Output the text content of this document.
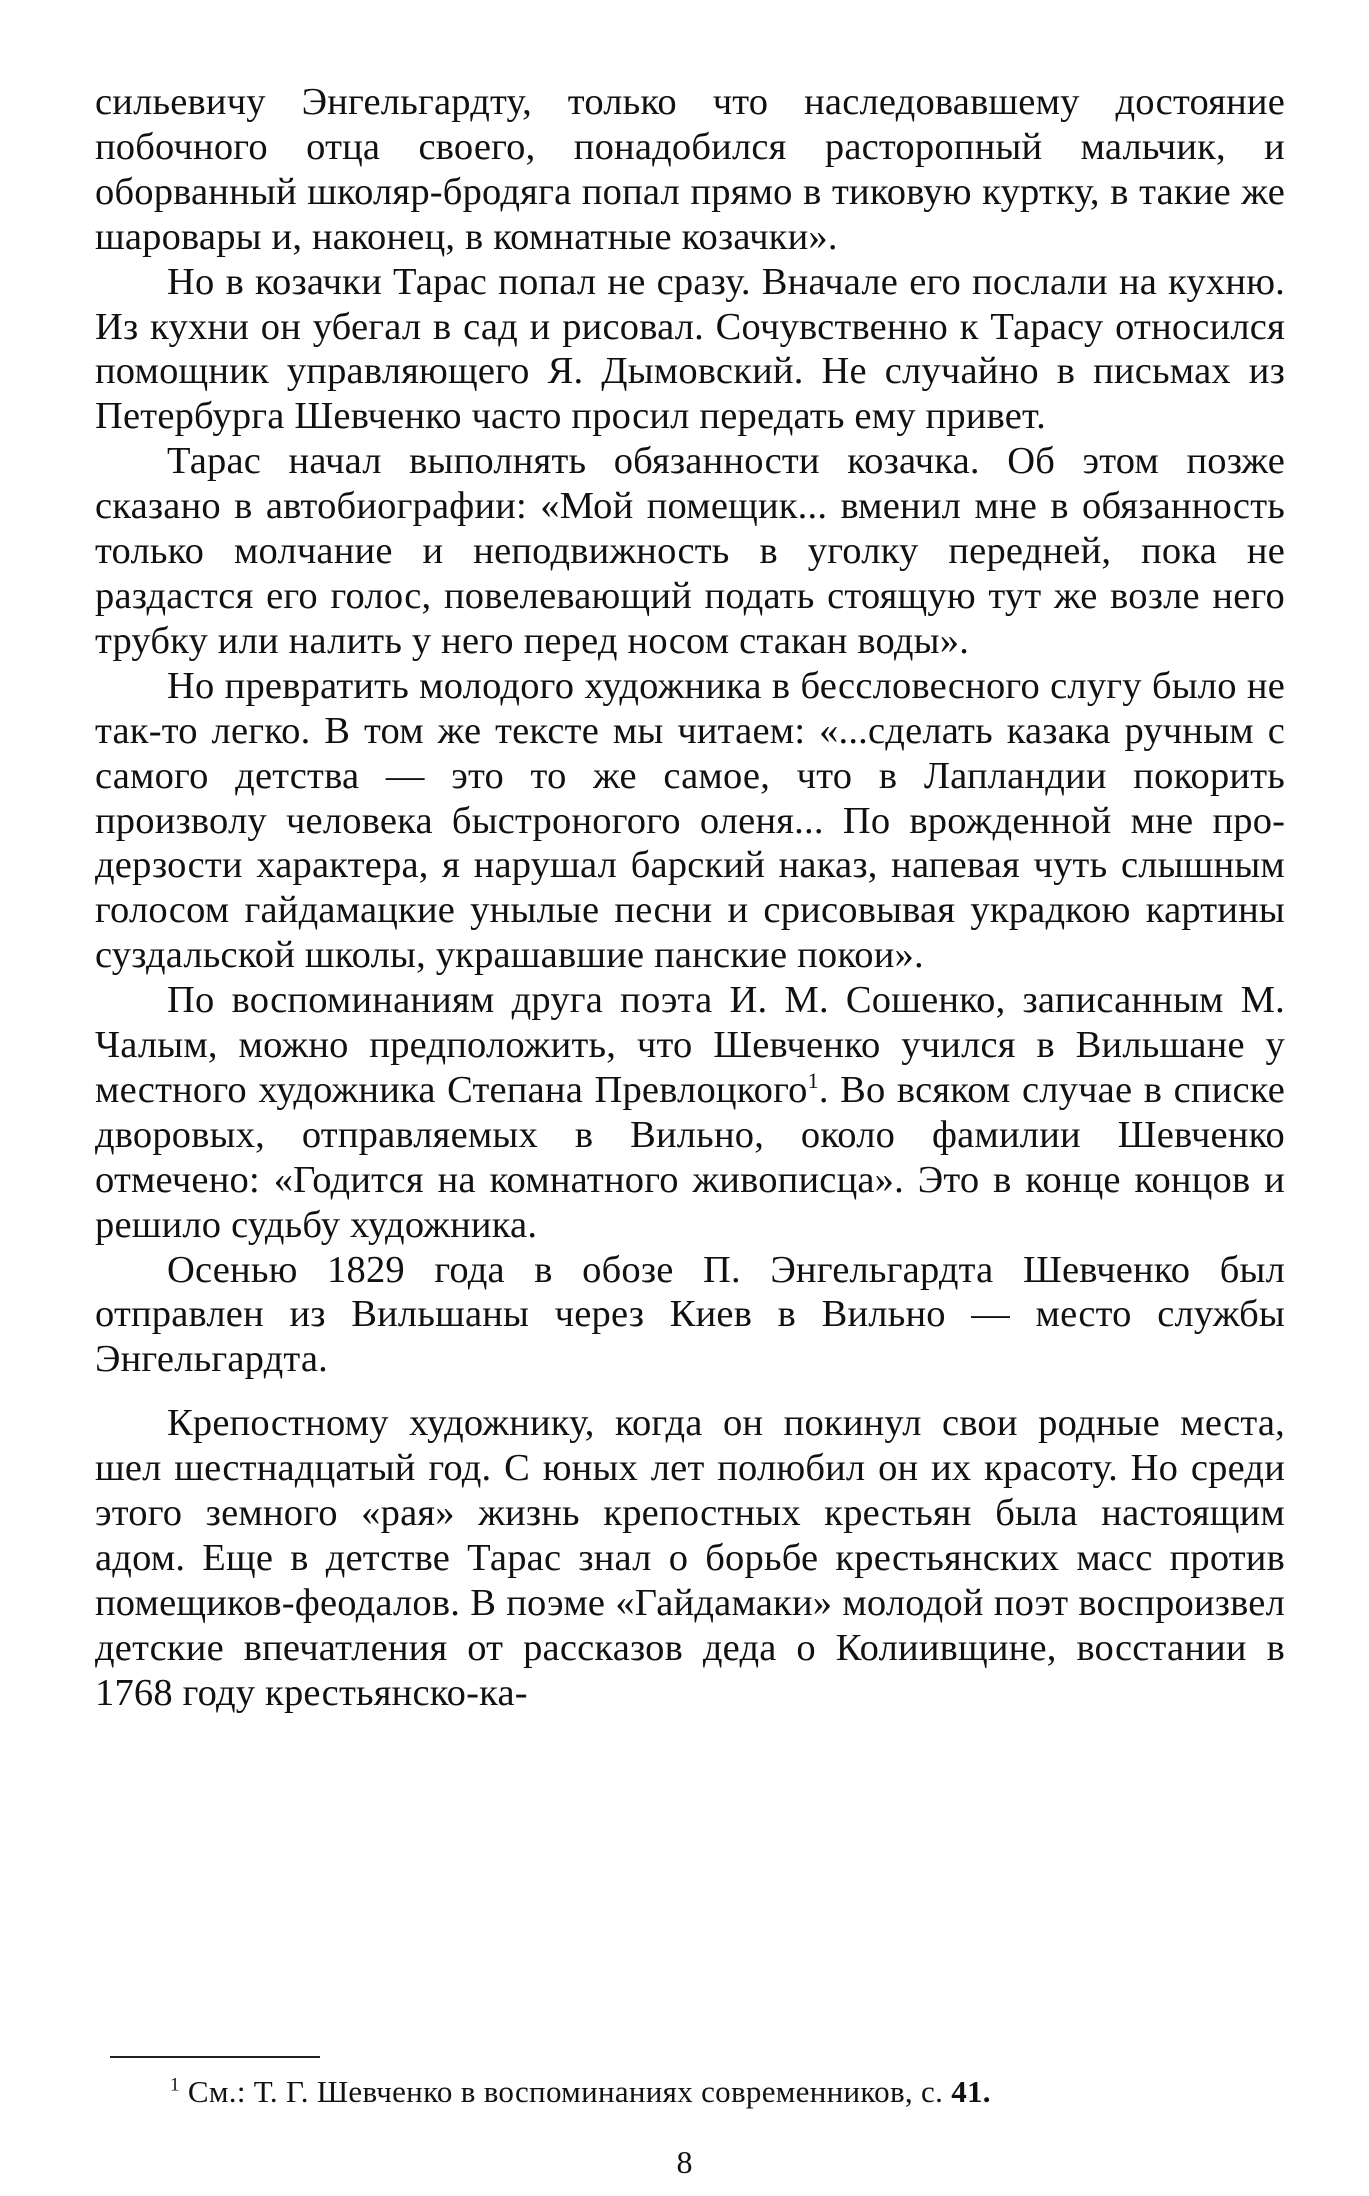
сильевичу Энгельгардту, только что наследовавшему достояние побочного отца своего, понадобился расторопный мальчик, и оборванный школяр-бродяга попал прямо в тиковую куртку, в такие же шаровары и, наконец, в комнатные козачки».

Но в козачки Тарас попал не сразу. Вначале его послали на кухню. Из кухни он убегал в сад и рисовал. Сочувственно к Тарасу относился помощник управляющего Я. Дымовский. Не случайно в письмах из Петербурга Шевченко часто просил передать ему привет.

Тарас начал выполнять обязанности козачка. Об этом позже сказано в автобиографии: «Мой помещик... вменил мне в обязанность только молчание и неподвижность в уголку передней, пока не раздастся его голос, повелевающий подать стоящую тут же возле него трубку или налить у него перед носом стакан воды».

Но превратить молодого художника в бессловесного слугу было не так-то легко. В том же тексте мы читаем: «...сделать казака ручным с самого детства — это то же самое, что в Лапландии покорить произволу человека быстроногого оленя... По врожденной мне продерзости характера, я нарушал барский наказ, напевая чуть слышным голосом гайдамацкие унылые песни и срисовывая украдкою картины суздальской школы, украшавшие панские покои».

По воспоминаниям друга поэта И. М. Сошенко, записанным М. Чалым, можно предположить, что Шевченко учился в Вильшане у местного художника Степана Превлоцкого$^1$. Во всяком случае в списке дворовых, отправляемых в Вильно, около фамилии Шевченко отмечено: «Годится на комнатного живописца». Это в конце концов и решило судьбу художника.

Осенью 1829 года в обозе П. Энгельгардта Шевченко был отправлен из Вильшаны через Киев в Вильно — место службы Энгельгардта.

Крепостному художнику, когда он покинул свои родные места, шел шестнадцатый год. С юных лет полюбил он их красоту. Но среди этого земного «рая» жизнь крепостных крестьян была настоящим адом. Еще в детстве Тарас знал о борьбе крестьянских масс против помещиков-феодалов. В поэме «Гайдамаки» молодой поэт воспроизвел детские впечатления от рассказов деда о Колиивщине, восстании в 1768 году крестьянско-ка-

$^1$ См.: Т. Г. Шевченко в воспоминаниях современников, с. 41.
8
